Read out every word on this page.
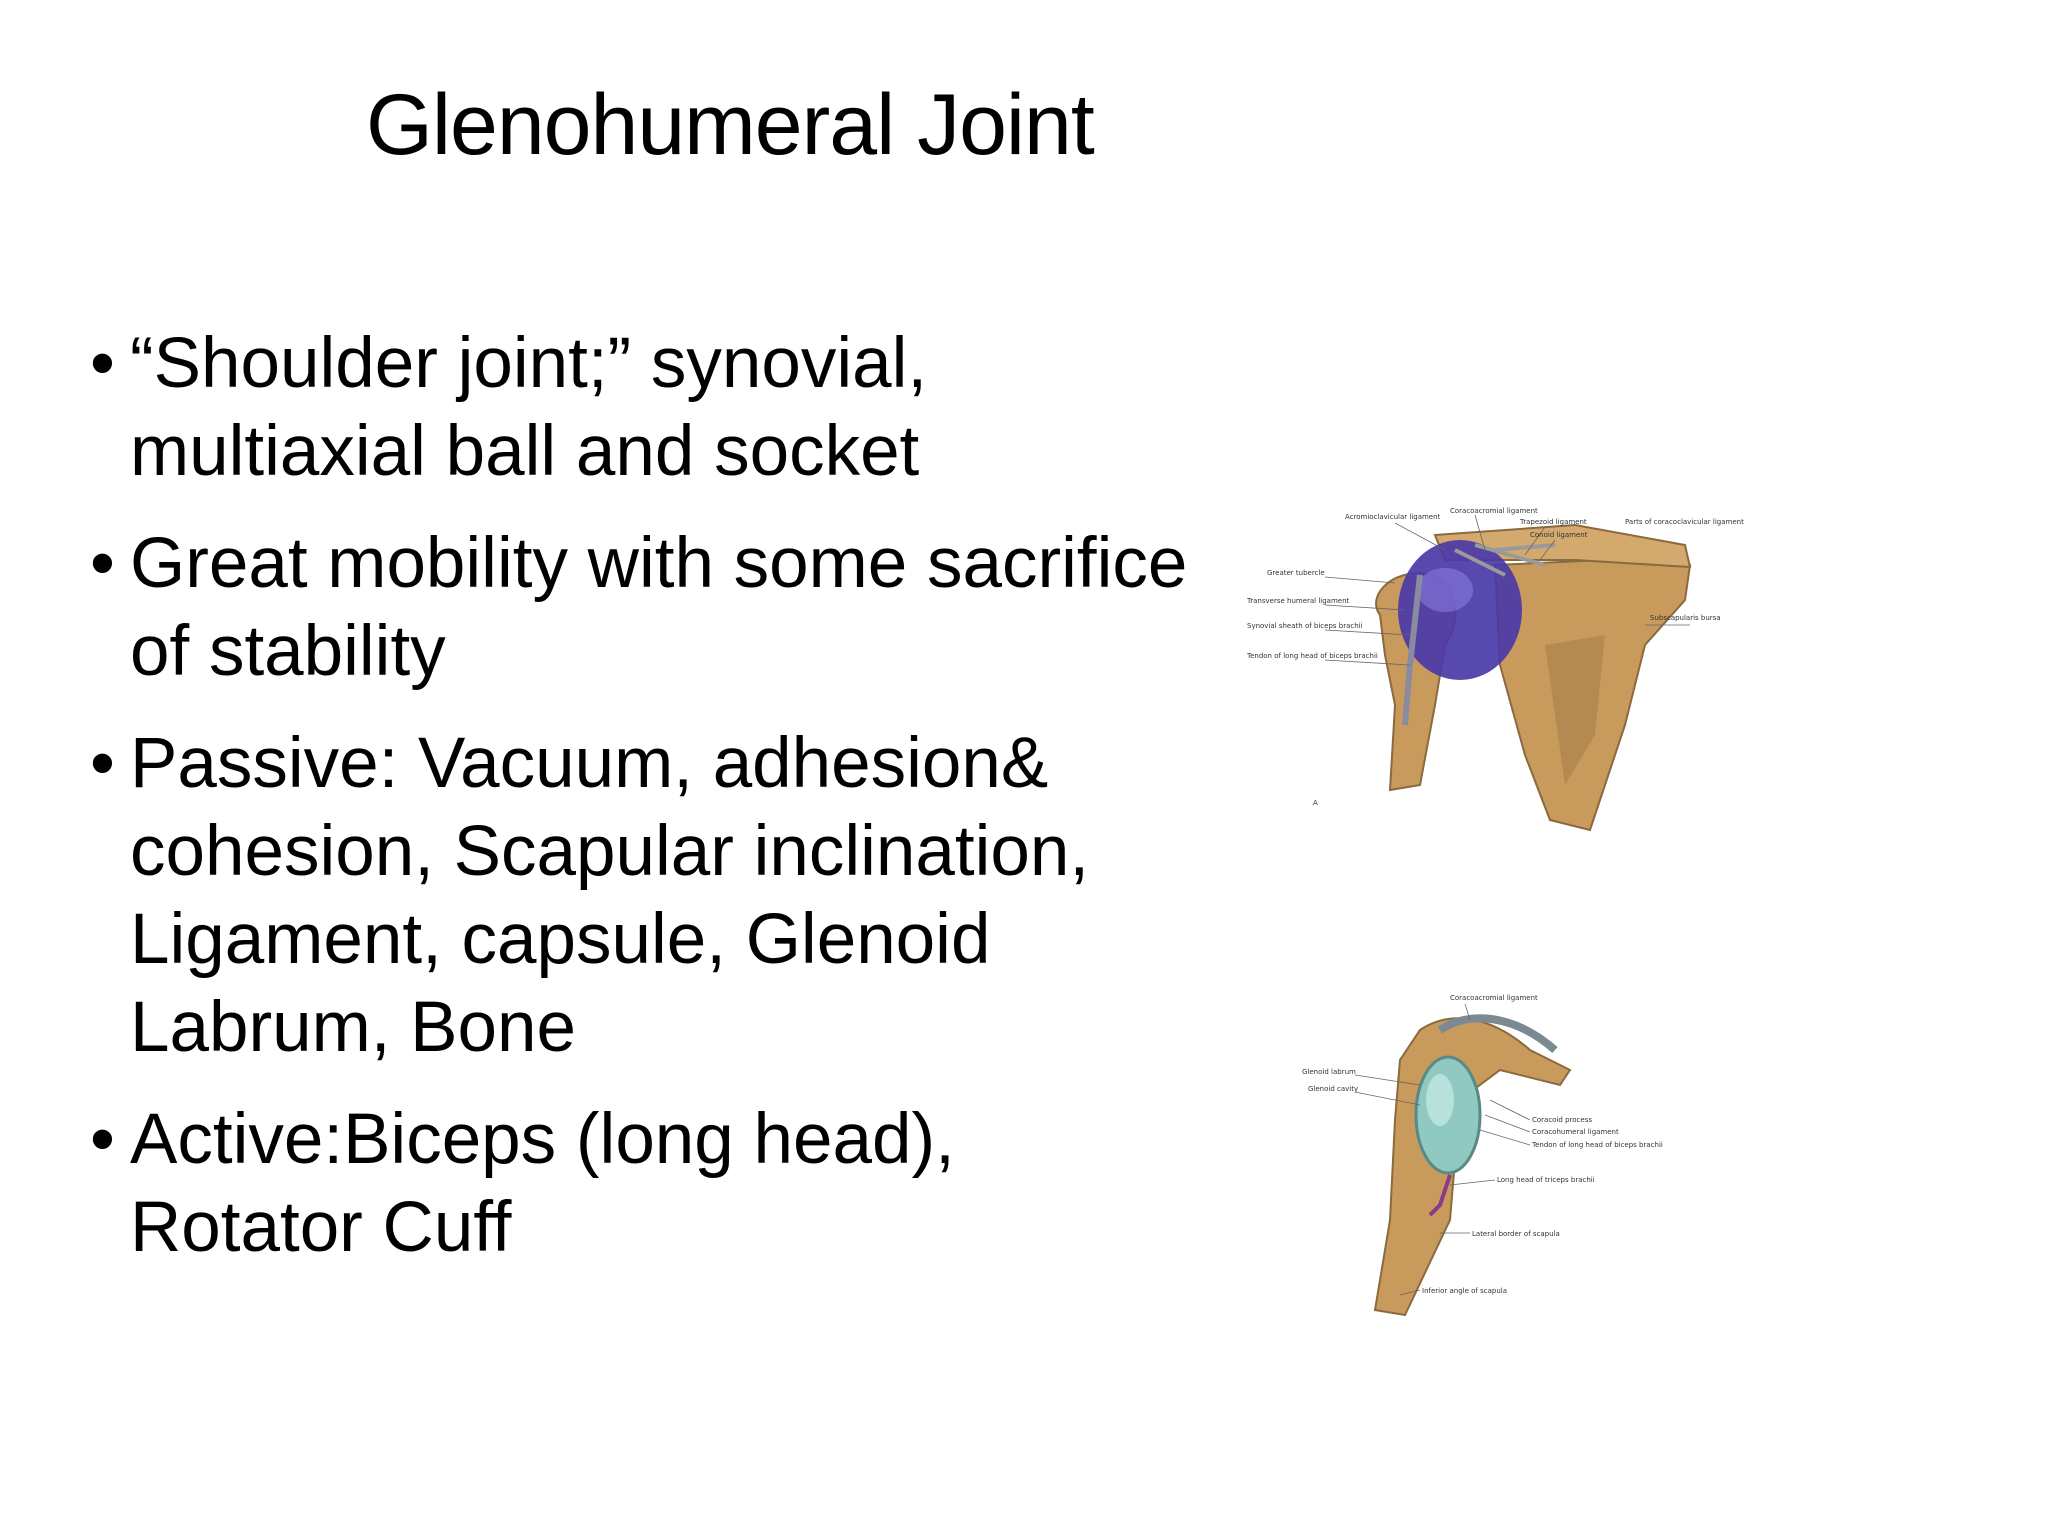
Glenohumeral Joint
• “Shoulder joint;” synovial, multiaxial ball and socket
• Great mobility with some sacrifice of stability
• Passive: Vacuum, adhesion& cohesion, Scapular inclination, Ligament, capsule, Glenoid Labrum, Bone
• Active:Biceps (long head), Rotator Cuff
Acromioclavicular ligament
Coracoacromial ligament
Trapezoid ligament
Conoid ligament
Parts of coracoclavicular ligament
Greater tubercle
Transverse humeral ligament
Synovial sheath of biceps brachii
Tendon of long head of biceps brachii
Subscapularis bursa
A
Coracoacromial ligament
Glenoid labrum
Glenoid cavity
Coracoid process
Coracohumeral ligament
Tendon of long head of biceps brachii
Long head of triceps brachii
Lateral border of scapula
Inferior angle of scapula
